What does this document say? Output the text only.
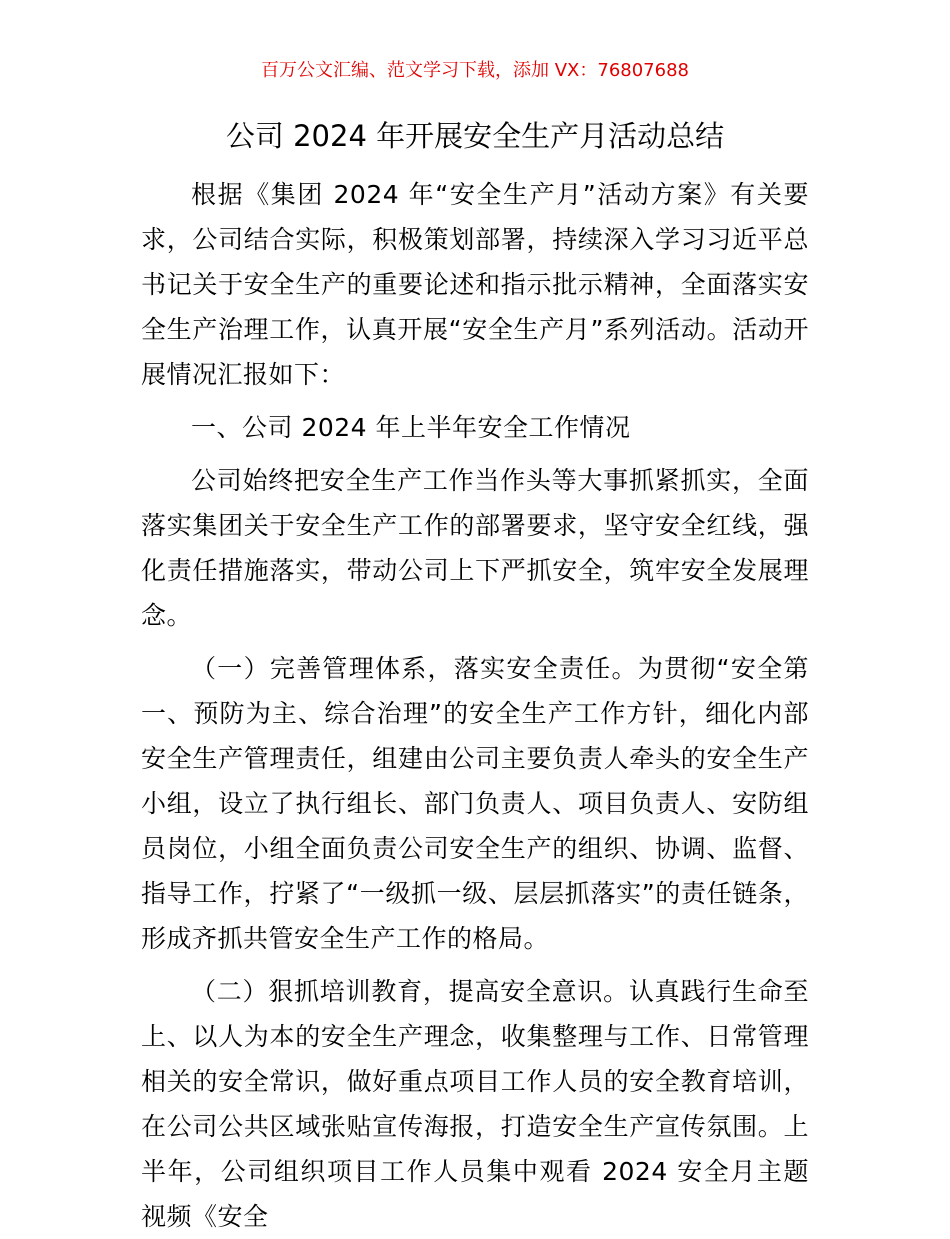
百万公文汇编、范文学习下载，添加 VX：76807688
公司 2024 年开展安全生产月活动总结

根据《集团 2024 年“安全生产月”活动方案》有关要求，公司结合实际，积极策划部署，持续深入学习习近平总书记关于安全生产的重要论述和指示批示精神，全面落实安全生产治理工作，认真开展“安全生产月”系列活动。活动开展情况汇报如下：

一、公司 2024 年上半年安全工作情况

公司始终把安全生产工作当作头等大事抓紧抓实，全面落实集团关于安全生产工作的部署要求，坚守安全红线，强化责任措施落实，带动公司上下严抓安全，筑牢安全发展理念。

（一）完善管理体系，落实安全责任。为贯彻“安全第一、预防为主、综合治理”的安全生产工作方针，细化内部安全生产管理责任，组建由公司主要负责人牵头的安全生产小组，设立了执行组长、部门负责人、项目负责人、安防组员岗位，小组全面负责公司安全生产的组织、协调、监督、指导工作，拧紧了“一级抓一级、层层抓落实”的责任链条，形成齐抓共管安全生产工作的格局。

（二）狠抓培训教育，提高安全意识。认真践行生命至上、以人为本的安全生产理念，收集整理与工作、日常管理相关的安全常识，做好重点项目工作人员的安全教育培训，在公司公共区域张贴宣传海报，打造安全生产宣传氛围。上半年，公司组织项目工作人员集中观看 2024 安全月主题视频《安全
